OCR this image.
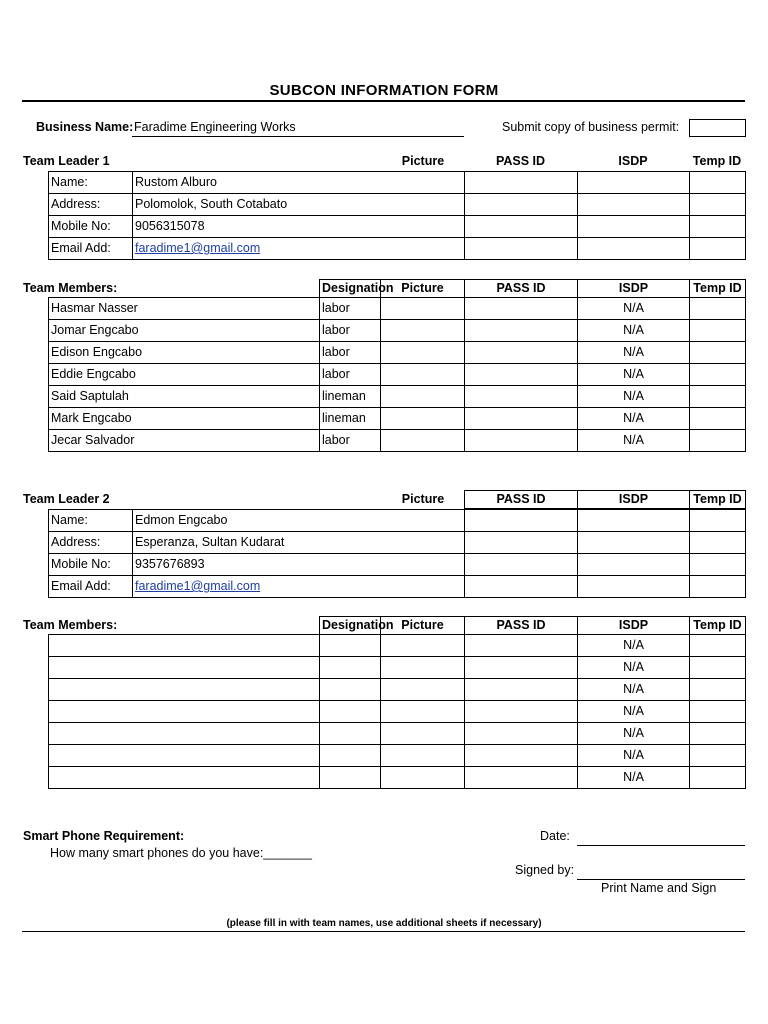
SUBCON INFORMATION FORM
Business Name: Faradime Engineering Works	Submit copy of business permit:
Team Leader 1	Picture	PASS ID	ISDP	Temp ID
Name:	Rustom Alburo			
Address:	Polomolok, South Cotabato			
Mobile No:	9056315078			
Email Add:	faradime1@gmail.com			
Team Members:
		Designation	Picture	PASS ID	ISDP	Temp ID
Hasmar Nasser	labor			N/A	
Jomar Engcabo	labor			N/A	
Edison Engcabo	labor			N/A	
Eddie Engcabo	labor			N/A	
Said Saptulah	lineman			N/A	
Mark Engcabo	lineman			N/A	
Jecar Salvador	labor			N/A	
Team Leader 2	Picture	PASS ID	ISDP	Temp ID
Name:	Edmon Engcabo			
Address:	Esperanza, Sultan Kudarat			
Mobile No:	9357676893			
Email Add:	faradime1@gmail.com			
Team Members:
		Designation	Picture	PASS ID	ISDP	Temp ID
				N/A	
				N/A	
				N/A	
				N/A	
				N/A	
				N/A	
				N/A	
Smart Phone Requirement:
How many smart phones do you have:_______
Date:
Signed by:
Print Name and Sign
(please fill in with team names, use additional sheets if necessary)
